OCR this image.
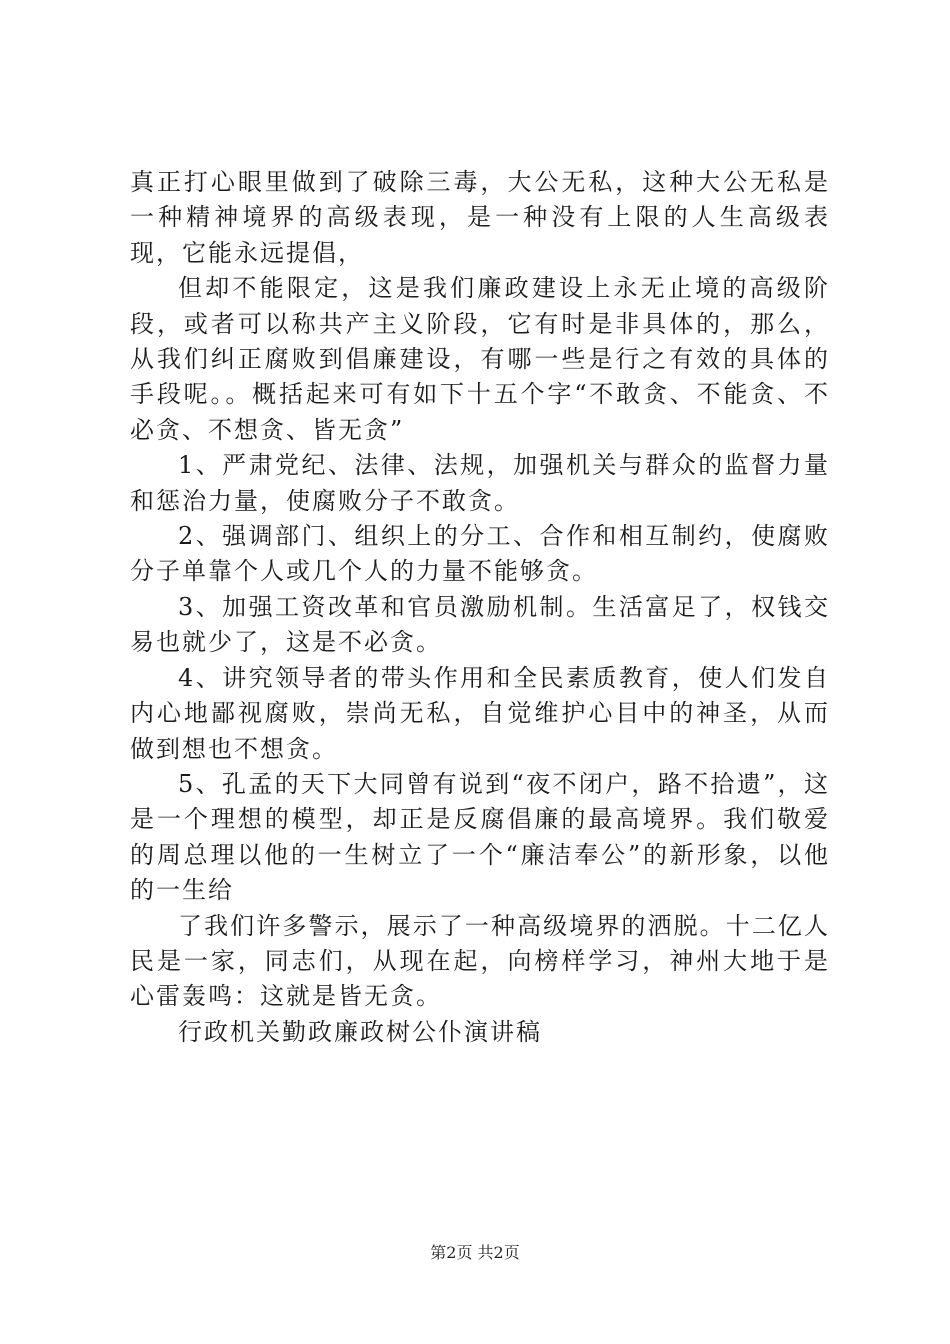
真正打心眼里做到了破除三毒，大公无私，这种大公无私是一种精神境界的高级表现，是一种没有上限的人生高级表现，它能永远提倡，

但却不能限定，这是我们廉政建设上永无止境的高级阶段，或者可以称共产主义阶段，它有时是非具体的，那么，从我们纠正腐败到倡廉建设，有哪一些是行之有效的具体的手段呢。。概括起来可有如下十五个字“不敢贪、不能贪、不必贪、不想贪、皆无贪”

1、严肃党纪、法律、法规，加强机关与群众的监督力量和惩治力量，使腐败分子不敢贪。

2、强调部门、组织上的分工、合作和相互制约，使腐败分子单靠个人或几个人的力量不能够贪。

3、加强工资改革和官员激励机制。生活富足了，权钱交易也就少了，这是不必贪。

4、讲究领导者的带头作用和全民素质教育，使人们发自内心地鄙视腐败，崇尚无私，自觉维护心目中的神圣，从而做到想也不想贪。

5、孔孟的天下大同曾有说到“夜不闭户，路不拾遗”，这是一个理想的模型，却正是反腐倡廉的最高境界。我们敬爱的周总理以他的一生树立了一个“廉洁奉公”的新形象，以他的一生给

了我们许多警示，展示了一种高级境界的洒脱。十二亿人民是一家，同志们，从现在起，向榜样学习，神州大地于是心雷轰鸣：这就是皆无贪。

行政机关勤政廉政树公仆演讲稿

第2页 共2页
